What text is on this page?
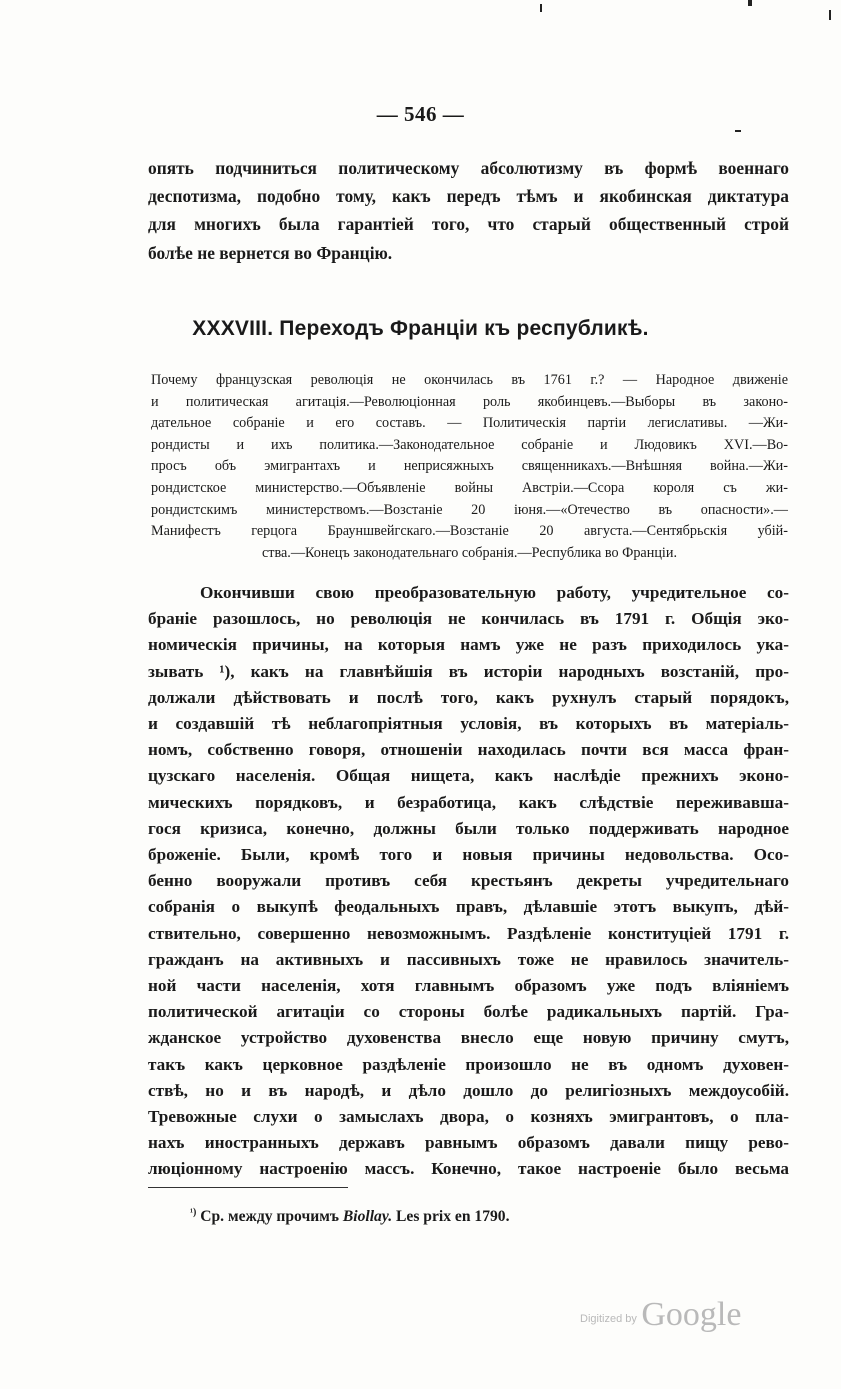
— 546 —
опять подчиниться политическому абсолютизму въ формѣ военнаго
деспотизма, подобно тому, какъ передъ тѣмъ и якобинская диктатура
для многихъ была гарантіей того, что старый общественный строй
болѣе не вернется во Францію.
XXXVIII. Переходъ Франціи къ республикѣ.
Почему французская революція не окончилась въ 1761 г.? — Народное движеніе
и политическая агитація.—Революціонная роль якобинцевъ.—Выборы въ законо-
дательное собраніе и его составъ. — Политическія партіи легислативы. —Жи-
рондисты и ихъ политика.—Законодательное собраніе и Людовикъ XVI.—Во-
просъ объ эмигрантахъ и неприсяжныхъ священникахъ.—Внѣшняя война.—Жи-
рондистское министерство.—Объявленіе войны Австріи.—Ссора короля съ жи-
рондистскимъ министерствомъ.—Возстаніе 20 іюня.—«Отечество въ опасности».—
Манифестъ герцога Брауншвейгскаго.—Возстаніе 20 августа.—Сентябрьскія убій-
ства.—Конецъ законодательнаго собранія.—Республика во Франціи.
Окончивши свою преобразовательную работу, учредительное со-
браніе разошлось, но революція не кончилась въ 1791 г. Общія эко-
номическія причины, на которыя намъ уже не разъ приходилось ука-
зывать ¹), какъ на главнѣйшія въ исторіи народныхъ возстаній, про-
должали дѣйствовать и послѣ того, какъ рухнулъ старый порядокъ,
и создавшій тѣ неблагопріятныя условія, въ которыхъ въ матеріаль-
номъ, собственно говоря, отношеніи находилась почти вся масса фран-
цузскаго населенія. Общая нищета, какъ наслѣдіе прежнихъ эконо-
мическихъ порядковъ, и безработица, какъ слѣдствіе переживавша-
гося кризиса, конечно, должны были только поддерживать народное
броженіе. Были, кромѣ того и новыя причины недовольства. Осо-
бенно вооружали противъ себя крестьянъ декреты учредительнаго
собранія о выкупѣ феодальныхъ правъ, дѣлавшіе этотъ выкупъ, дѣй-
ствительно, совершенно невозможнымъ. Раздѣленіе конституціей 1791 г.
гражданъ на активныхъ и пассивныхъ тоже не нравилось значитель-
ной части населенія, хотя главнымъ образомъ уже подъ вліяніемъ
политической агитаціи со стороны болѣе радикальныхъ партій. Гра-
жданское устройство духовенства внесло еще новую причину смутъ,
такъ какъ церковное раздѣленіе произошло не въ одномъ духовен-
ствѣ, но и въ народѣ, и дѣло дошло до религіозныхъ междоусобій.
Тревожные слухи о замыслахъ двора, о козняхъ эмигрантовъ, о пла-
нахъ иностранныхъ державъ равнымъ образомъ давали пищу рево-
люціонному настроенію массъ. Конечно, такое настроеніе было весьма
$^{^1)}$ Ср. между прочимъ Biollay. Les prix en 1790.
Digitized by Google
